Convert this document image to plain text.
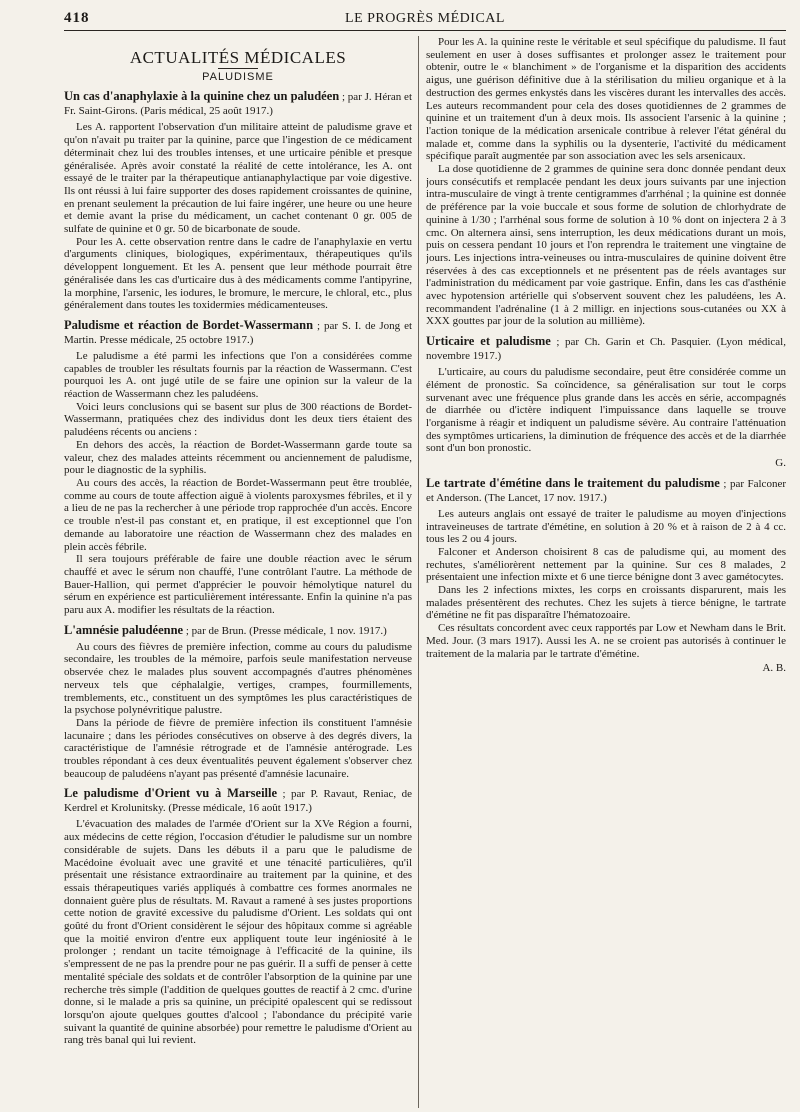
418	LE PROGRÈS MÉDICAL
ACTUALITÉS MÉDICALES
PALUDISME
Un cas d'anaphylaxie à la quinine chez un paludéen ; par J. Héran et Fr. Saint-Girons. (Paris médical, 25 août 1917.)

Les A. rapportent l'observation d'un militaire atteint de paludisme grave et qu'on n'avait pu traiter par la quinine, parce que l'ingestion de ce médicament déterminait chez lui des troubles intenses, et une urticaire pénible et presque généralisée. Après avoir constaté la réalité de cette intolérance, les A. ont essayé de le traiter par la thérapeutique antianaphylactique par voie digestive. Ils ont réussi à lui faire supporter des doses rapidement croissantes de quinine, en prenant seulement la précaution de lui faire ingérer, une heure ou une heure et demie avant la prise du médicament, un cachet contenant 0 gr. 005 de sulfate de quinine et 0 gr. 50 de bicarbonate de soude.

Pour les A. cette observation rentre dans le cadre de l'anaphylaxie en vertu d'arguments cliniques, biologiques, expérimentaux, thérapeutiques qu'ils développent longuement. Et les A. pensent que leur méthode pourrait être généralisée dans les cas d'urticaire dus à des médicaments comme l'antipyrine, la morphine, l'arsenic, les iodures, le bromure, le mercure, le chloral, etc., plus généralement dans toutes les toxidermies médicamenteuses.

Paludisme et réaction de Bordet-Wassermann ; par S. I. de Jong et Martin. Presse médicale, 25 octobre 1917.)

Le paludisme a été parmi les infections que l'on a considérées comme capables de troubler les résultats fournis par la réaction de Wassermann. C'est pourquoi les A. ont jugé utile de se faire une opinion sur la valeur de la réaction de Wassermann chez les paludéens.

Voici leurs conclusions qui se basent sur plus de 300 réactions de Bordet-Wassermann, pratiquées chez des individus dont les deux tiers étaient des paludéens récents ou anciens :

En dehors des accès, la réaction de Bordet-Wassermann garde toute sa valeur, chez des malades atteints récemment ou anciennement de paludisme, pour le diagnostic de la syphilis.

Au cours des accès, la réaction de Bordet-Wassermann peut être troublée, comme au cours de toute affection aiguë à violents paroxysmes fébriles, et il y a lieu de ne pas la rechercher à une période trop rapprochée d'un accès. Encore ce trouble n'est-il pas constant et, en pratique, il est exceptionnel que l'on demande au laboratoire une réaction de Wassermann chez des malades en plein accès fébrile.

Il sera toujours préférable de faire une double réaction avec le sérum chauffé et avec le sérum non chauffé, l'une contrôlant l'autre. La méthode de Bauer-Hallion, qui permet d'apprécier le pouvoir hémolytique naturel du sérum en expérience est particulièrement intéressante. Enfin la quinine n'a pas paru aux A. modifier les résultats de la réaction.

L'amnésie paludéenne ; par de Brun. (Presse médicale, 1 nov. 1917.)

Au cours des fièvres de première infection, comme au cours du paludisme secondaire, les troubles de la mémoire, parfois seule manifestation nerveuse observée chez le malades plus souvent accompagnés d'autres phénomènes nerveux tels que céphalalgie, vertiges, crampes, fourmillements, tremblements, etc., constituent un des symptômes les plus caractéristiques de la psychose polynévritique palustre.

Dans la période de fièvre de première infection ils constituent l'amnésie lacunaire ; dans les périodes consécutives on observe à des degrés divers, la caractéristique de l'amnésie rétrograde et de l'amnésie antérograde. Les troubles répondant à ces deux éventualités peuvent également s'observer chez beaucoup de paludéens n'ayant pas présenté d'amnésie lacunaire.

Le paludisme d'Orient vu à Marseille ; par P. Ravaut, Reniac, de Kerdrel et Krolunitsky. (Presse médicale, 16 août 1917.)

L'évacuation des malades de l'armée d'Orient sur la XVe Région a fourni, aux médecins de cette région, l'occasion d'étudier le paludisme sur un nombre considérable de sujets. Dans les débuts il a paru que le paludisme de Macédoine évoluait avec une gravité et une ténacité particulières, qu'il présentait une résistance extraordinaire au traitement par la quinine, et des essais thérapeutiques variés appliqués à combattre ces formes anormales ne donnaient guère plus de résultats. M. Ravaut a ramené à ses justes proportions cette notion de gravité excessive du paludisme d'Orient. Les soldats qui ont goûté du front d'Orient considèrent le séjour des hôpitaux comme si agréable que la moitié environ d'entre eux appliquent toute leur ingéniosité à le prolonger ; rendant un tacite témoignage à l'efficacité de la quinine, ils s'empressent de ne pas la prendre pour ne pas guérir. Il a suffi de penser à cette mentalité spéciale des soldats et de contrôler l'absorption de la quinine par une recherche très simple (l'addition de quelques gouttes de reactif à 2 cmc. d'urine donne, si le malade a pris sa quinine, un précipité opalescent qui se redissout lorsqu'on ajoute quelques gouttes d'alcool ; l'abondance du précipité varie suivant la quantité de quinine absorbée) pour remettre le paludisme d'Orient au rang très banal qui lui revient.

Pour les A. la quinine reste le véritable et seul spécifique du paludisme. Il faut seulement en user à doses suffisantes et prolonger assez le traitement pour obtenir, outre le « blanchiment » de l'organisme et la disparition des accidents aigus, une guérison définitive due à la stérilisation du milieu organique et à la destruction des germes enkystés dans les viscères durant les intervalles des accès. Les auteurs recommandent pour cela des doses quotidiennes de 2 grammes de quinine et un traitement d'un à deux mois. Ils associent l'arsenic à la quinine ; l'action tonique de la médication arsenicale contribue à relever l'état général du malade et, comme dans la syphilis ou la dysenterie, l'activité du médicament spécifique paraît augmentée par son association avec les sels arsenicaux.

La dose quotidienne de 2 grammes de quinine sera donc donnée pendant deux jours consécutifs et remplacée pendant les deux jours suivants par une injection intra-musculaire de vingt à trente centigrammes d'arrhénal ; la quinine est donnée de préférence par la voie buccale et sous forme de solution de chlorhydrate de quinine à 1/30 ; l'arrhénal sous forme de solution à 10 % dont on injectera 2 à 3 cmc. On alternera ainsi, sens interruption, les deux médications durant un mois, puis on cessera pendant 10 jours et l'on reprendra le traitement une vingtaine de jours. Les injections intra-veineuses ou intra-musculaires de quinine doivent être réservées à des cas exceptionnels et ne présentent pas de réels avantages sur l'administration du médicament par voie gastrique. Enfin, dans les cas d'asthénie avec hypotension artérielle qui s'observent souvent chez les paludéens, les A. recommandent l'adrénaline (1 à 2 milligr. en injections sous-cutanées ou XX à XXX gouttes par jour de la solution au millième).

Urticaire et paludisme ; par Ch. Garin et Ch. Pasquier. (Lyon médical, novembre 1917.)

L'urticaire, au cours du paludisme secondaire, peut être considérée comme un élément de pronostic. Sa coïncidence, sa généralisation sur tout le corps survenant avec une fréquence plus grande dans les accès en série, accompagnés de diarrhée ou d'ictère indiquent l'impuissance dans laquelle se trouve l'organisme à réagir et indiquent un paludisme sévère. Au contraire l'atténuation des symptômes urticariens, la diminution de fréquence des accès et de la diarrhée sont d'un bon pronostic.

G.
Le tartrate d'émétine dans le traitement du paludisme ; par Falconer et Anderson. (The Lancet, 17 nov. 1917.)

Les auteurs anglais ont essayé de traiter le paludisme au moyen d'injections intraveineuses de tartrate d'émétine, en solution à 20 % et à raison de 2 à 4 cc. tous les 2 ou 4 jours.

Falconer et Anderson choisirent 8 cas de paludisme qui, au moment des rechutes, s'améliorèrent nettement par la quinine. Sur ces 8 malades, 2 présentaient une infection mixte et 6 une tierce bénigne dont 3 avec gamétocytes.

Dans les 2 infections mixtes, les corps en croissants disparurent, mais les malades présentèrent des rechutes. Chez les sujets à tierce bénigne, le tartrate d'émétine ne fit pas disparaître l'hématozoaire.

Ces résultats concordent avec ceux rapportés par Low et Newham dans le Brit. Med. Jour. (3 mars 1917). Aussi les A. ne se croient pas autorisés à continuer le traitement de la malaria par le tartrate d'émétine.

A. B.
